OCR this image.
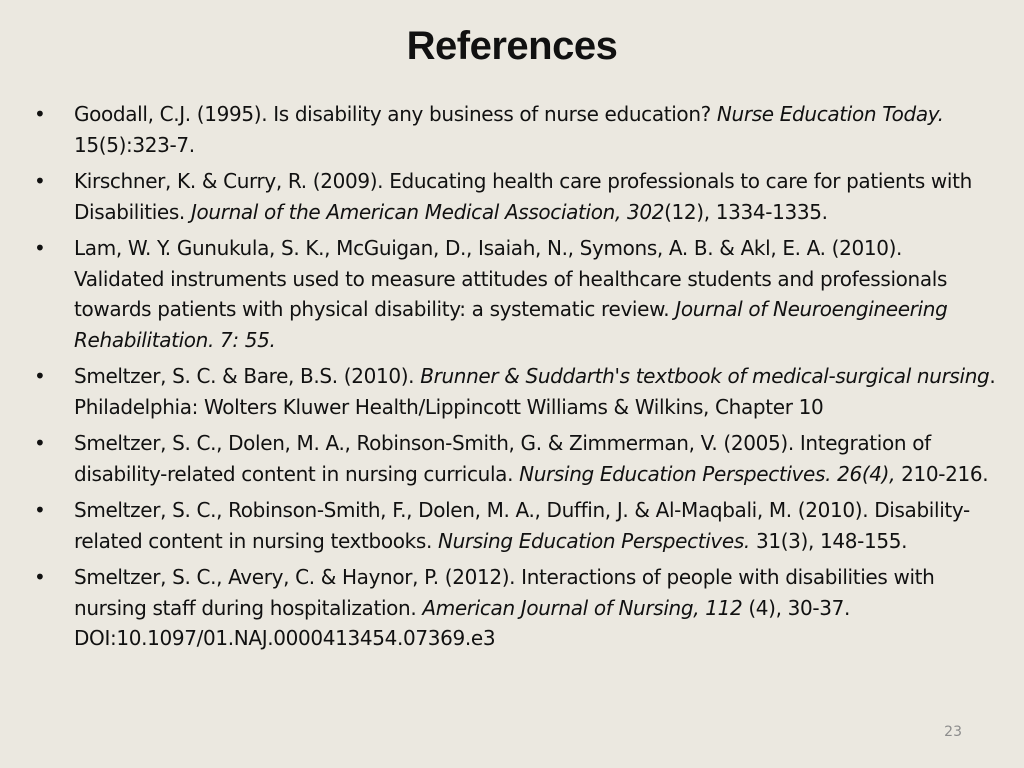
References
• Goodall, C.J. (1995). Is disability any business of nurse education? Nurse Education Today. 15(5):323-7.
• Kirschner, K. & Curry, R. (2009). Educating health care professionals to care for patients with Disabilities. Journal of the American Medical Association, 302(12), 1334-1335.
• Lam, W. Y. Gunukula, S. K., McGuigan, D., Isaiah, N., Symons, A. B. & Akl, E. A. (2010). Validated instruments used to measure attitudes of healthcare students and professionals towards patients with physical disability: a systematic review. Journal of Neuroengineering Rehabilitation. 7: 55.
• Smeltzer, S. C. & Bare, B.S. (2010). Brunner & Suddarth's textbook of medical-surgical nursing. Philadelphia: Wolters Kluwer Health/Lippincott Williams & Wilkins, Chapter 10
• Smeltzer, S. C., Dolen, M. A., Robinson-Smith, G. & Zimmerman, V. (2005). Integration of disability-related content in nursing curricula. Nursing Education Perspectives. 26(4), 210-216.
• Smeltzer, S. C., Robinson-Smith, F., Dolen, M. A., Duffin, J. & Al-Maqbali, M. (2010). Disability-related content in nursing textbooks. Nursing Education Perspectives. 31(3), 148-155.
• Smeltzer, S. C., Avery, C. & Haynor, P. (2012). Interactions of people with disabilities with nursing staff during hospitalization. American Journal of Nursing, 112 (4), 30-37. DOI:10.1097/01.NAJ.0000413454.07369.e3
23
